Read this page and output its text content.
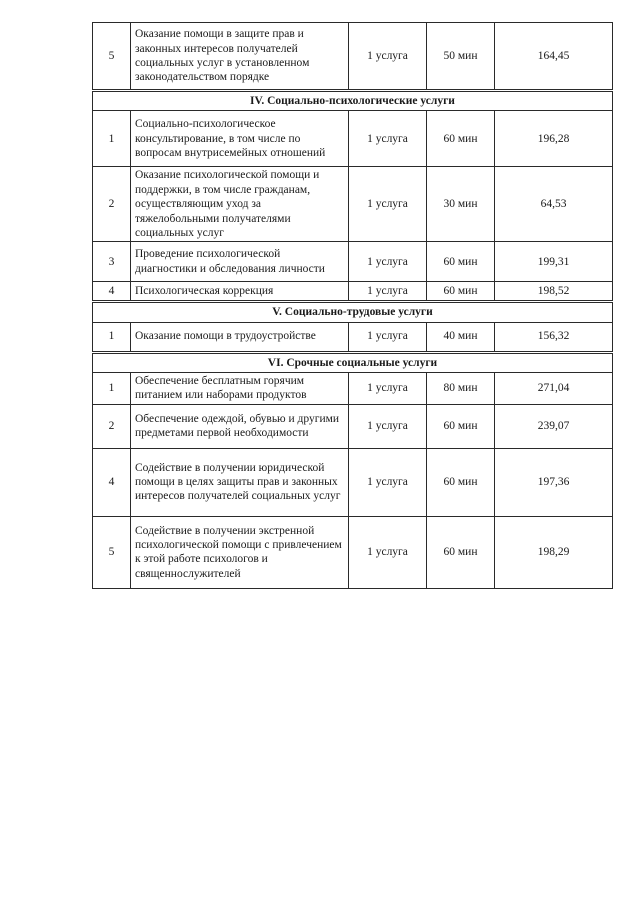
5	Оказание помощи в защите прав и законных интересов получателей социальных услуг в установленном законодательством порядке	1 услуга	50 мин	164,45
IV. Социально-психологические услуги				
1	Социально-психологическое консультирование, в том числе по вопросам внутрисемейных отношений	1 услуга	60 мин	196,28
2	Оказание психологической помощи и поддержки, в том числе гражданам, осуществляющим уход за тяжелобольными получателями социальных услуг	1 услуга	30 мин	64,53
3	Проведение психологической диагностики и обследования личности	1 услуга	60 мин	199,31
4	Психологическая коррекция	1 услуга	60 мин	198,52
V. Социально-трудовые услуги				
1	Оказание помощи в трудоустройстве	1 услуга	40 мин	156,32
VI. Срочные социальные услуги				
1	Обеспечение бесплатным горячим питанием или наборами продуктов	1 услуга	80 мин	271,04
2	Обеспечение одеждой, обувью и другими предметами первой необходимости	1 услуга	60 мин	239,07
4	Содействие в получении юридической помощи в целях защиты прав и законных интересов получателей социальных услуг	1 услуга	60 мин	197,36
5	Содействие в получении экстренной психологической помощи с привлечением к этой работе психологов и священнослужителей	1 услуга	60 мин	198,29
